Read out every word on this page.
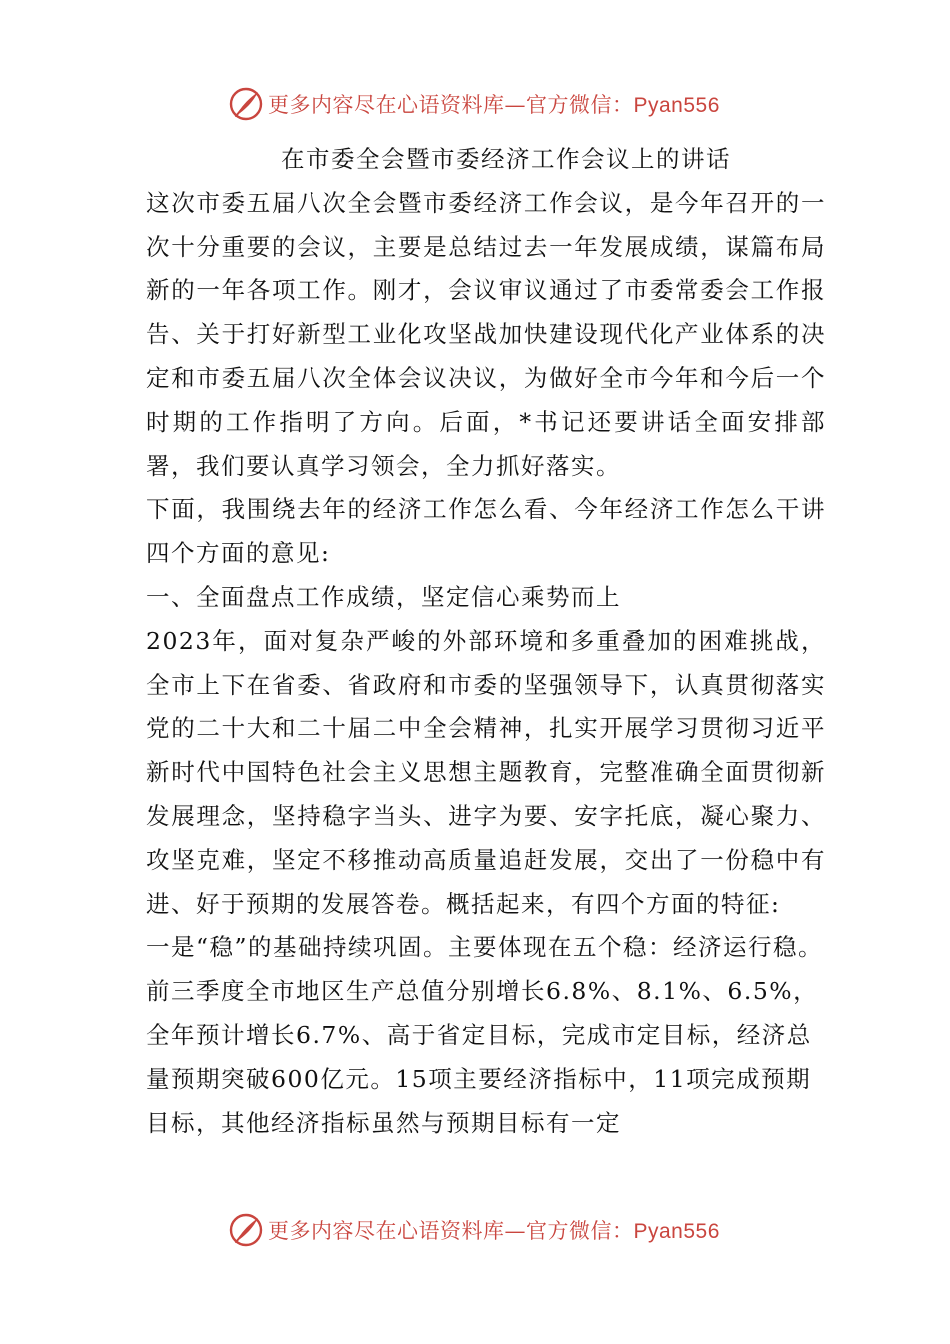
更多内容尽在心语资料库—官方微信：Pyan556
在市委全会暨市委经济工作会议上的讲话

这次市委五届八次全会暨市委经济工作会议，是今年召开的一次十分重要的会议，主要是总结过去一年发展成绩，谋篇布局新的一年各项工作。刚才，会议审议通过了市委常委会工作报告、关于打好新型工业化攻坚战加快建设现代化产业体系的决定和市委五届八次全体会议决议，为做好全市今年和今后一个时期的工作指明了方向。后面，*书记还要讲话全面安排部署，我们要认真学习领会，全力抓好落实。

下面，我围绕去年的经济工作怎么看、今年经济工作怎么干讲四个方面的意见:

一、全面盘点工作成绩，坚定信心乘势而上

2023年，面对复杂严峻的外部环境和多重叠加的困难挑战，全市上下在省委、省政府和市委的坚强领导下，认真贯彻落实党的二十大和二十届二中全会精神，扎实开展学习贯彻习近平新时代中国特色社会主义思想主题教育，完整准确全面贯彻新发展理念，坚持稳字当头、进字为要、安字托底，凝心聚力、攻坚克难，坚定不移推动高质量追赶发展，交出了一份稳中有进、好于预期的发展答卷。概括起来，有四个方面的特征:

一是“稳”的基础持续巩固。主要体现在五个稳：经济运行稳。前三季度全市地区生产总值分别增长6.8%、8.1%、6.5%，全年预计增长6.7%、高于省定目标，完成市定目标，经济总量预期突破600亿元。15项主要经济指标中，11项完成预期目标，其他经济指标虽然与预期目标有一定

更多内容尽在心语资料库—官方微信：Pyan556
